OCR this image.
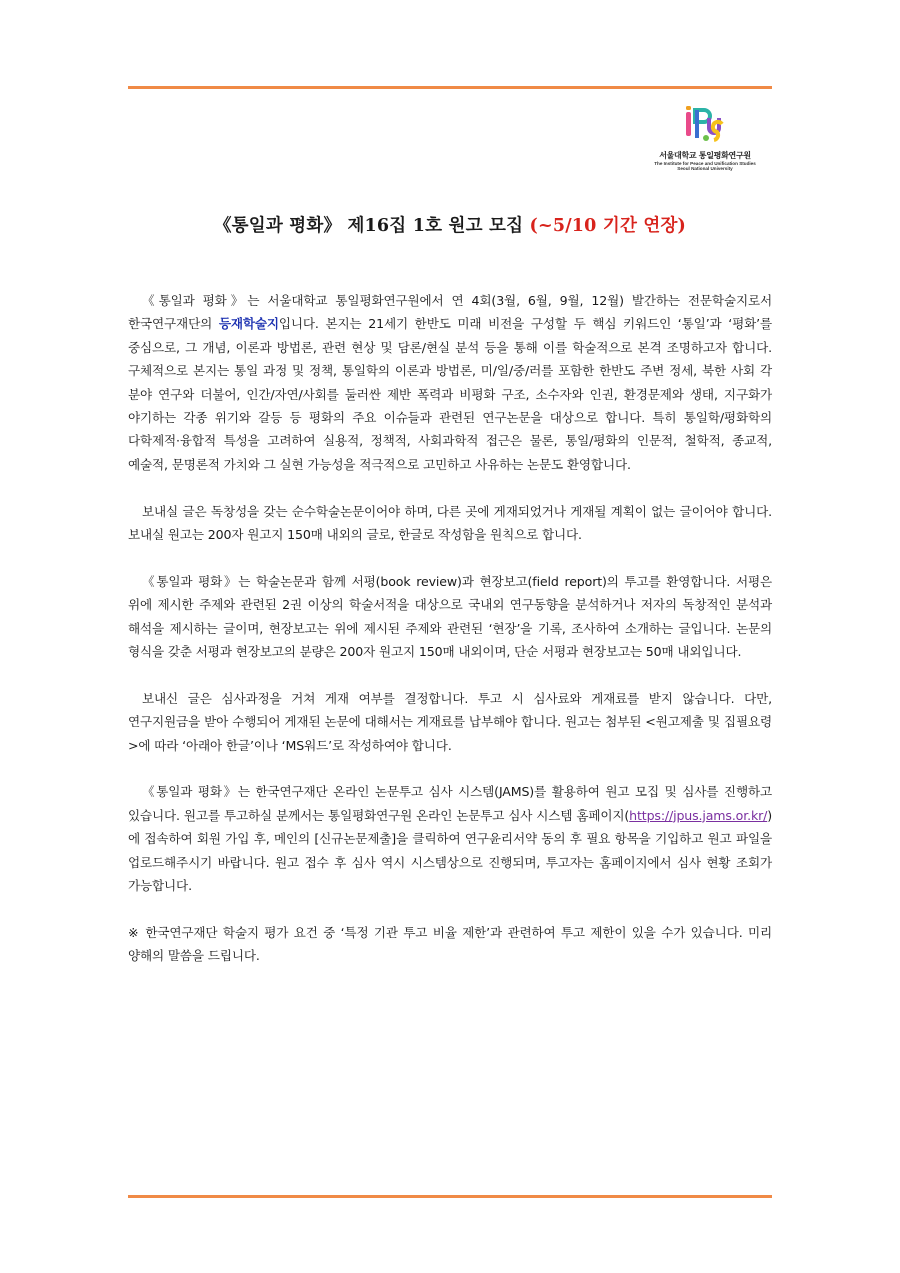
서울대학교 통일평화연구원
The Institute for Peace and Unification Studies
Seoul National University
《통일과 평화》 제16집 1호 원고 모집 (~5/10 기간 연장)

《통일과 평화》는 서울대학교 통일평화연구원에서 연 4회(3월, 6월, 9월, 12월) 발간하는 전문학술지로서 한국연구재단의 등재학술지입니다. 본지는 21세기 한반도 미래 비전을 구성할 두 핵심 키워드인 ‘통일’과 ‘평화’를 중심으로, 그 개념, 이론과 방법론, 관련 현상 및 담론/현실 분석 등을 통해 이를 학술적으로 본격 조명하고자 합니다. 구체적으로 본지는 통일 과정 및 정책, 통일학의 이론과 방법론, 미/일/중/러를 포함한 한반도 주변 정세, 북한 사회 각 분야 연구와 더불어, 인간/자연/사회를 둘러싼 제반 폭력과 비평화 구조, 소수자와 인권, 환경문제와 생태, 지구화가 야기하는 각종 위기와 갈등 등 평화의 주요 이슈들과 관련된 연구논문을 대상으로 합니다. 특히 통일학/평화학의 다학제적·융합적 특성을 고려하여 실용적, 정책적, 사회과학적 접근은 물론, 통일/평화의 인문적, 철학적, 종교적, 예술적, 문명론적 가치와 그 실현 가능성을 적극적으로 고민하고 사유하는 논문도 환영합니다.

보내실 글은 독창성을 갖는 순수학술논문이어야 하며, 다른 곳에 게재되었거나 게재될 계획이 없는 글이어야 합니다. 보내실 원고는 200자 원고지 150매 내외의 글로, 한글로 작성함을 원칙으로 합니다.

《통일과 평화》는 학술논문과 함께 서평(book review)과 현장보고(field report)의 투고를 환영합니다. 서평은 위에 제시한 주제와 관련된 2권 이상의 학술서적을 대상으로 국내외 연구동향을 분석하거나 저자의 독창적인 분석과 해석을 제시하는 글이며, 현장보고는 위에 제시된 주제와 관련된 ‘현장’을 기록, 조사하여 소개하는 글입니다. 논문의 형식을 갖춘 서평과 현장보고의 분량은 200자 원고지 150매 내외이며, 단순 서평과 현장보고는 50매 내외입니다.

보내신 글은 심사과정을 거쳐 게재 여부를 결정합니다. 투고 시 심사료와 게재료를 받지 않습니다. 다만, 연구지원금을 받아 수행되어 게재된 논문에 대해서는 게재료를 납부해야 합니다. 원고는 첨부된 <원고제출 및 집필요령>에 따라 ‘아래아 한글’이나 ‘MS워드’로 작성하여야 합니다.

《통일과 평화》는 한국연구재단 온라인 논문투고 심사 시스템(JAMS)를 활용하여 원고 모집 및 심사를 진행하고 있습니다. 원고를 투고하실 분께서는 통일평화연구원 온라인 논문투고 심사 시스템 홈페이지(https://jpus.jams.or.kr/)에 접속하여 회원 가입 후, 메인의 [신규논문제출]을 클릭하여 연구윤리서약 동의 후 필요 항목을 기입하고 원고 파일을 업로드해주시기 바랍니다. 원고 접수 후 심사 역시 시스템상으로 진행되며, 투고자는 홈페이지에서 심사 현황 조회가 가능합니다.

※ 한국연구재단 학술지 평가 요건 중 ‘특정 기관 투고 비율 제한’과 관련하여 투고 제한이 있을 수가 있습니다. 미리 양해의 말씀을 드립니다.
